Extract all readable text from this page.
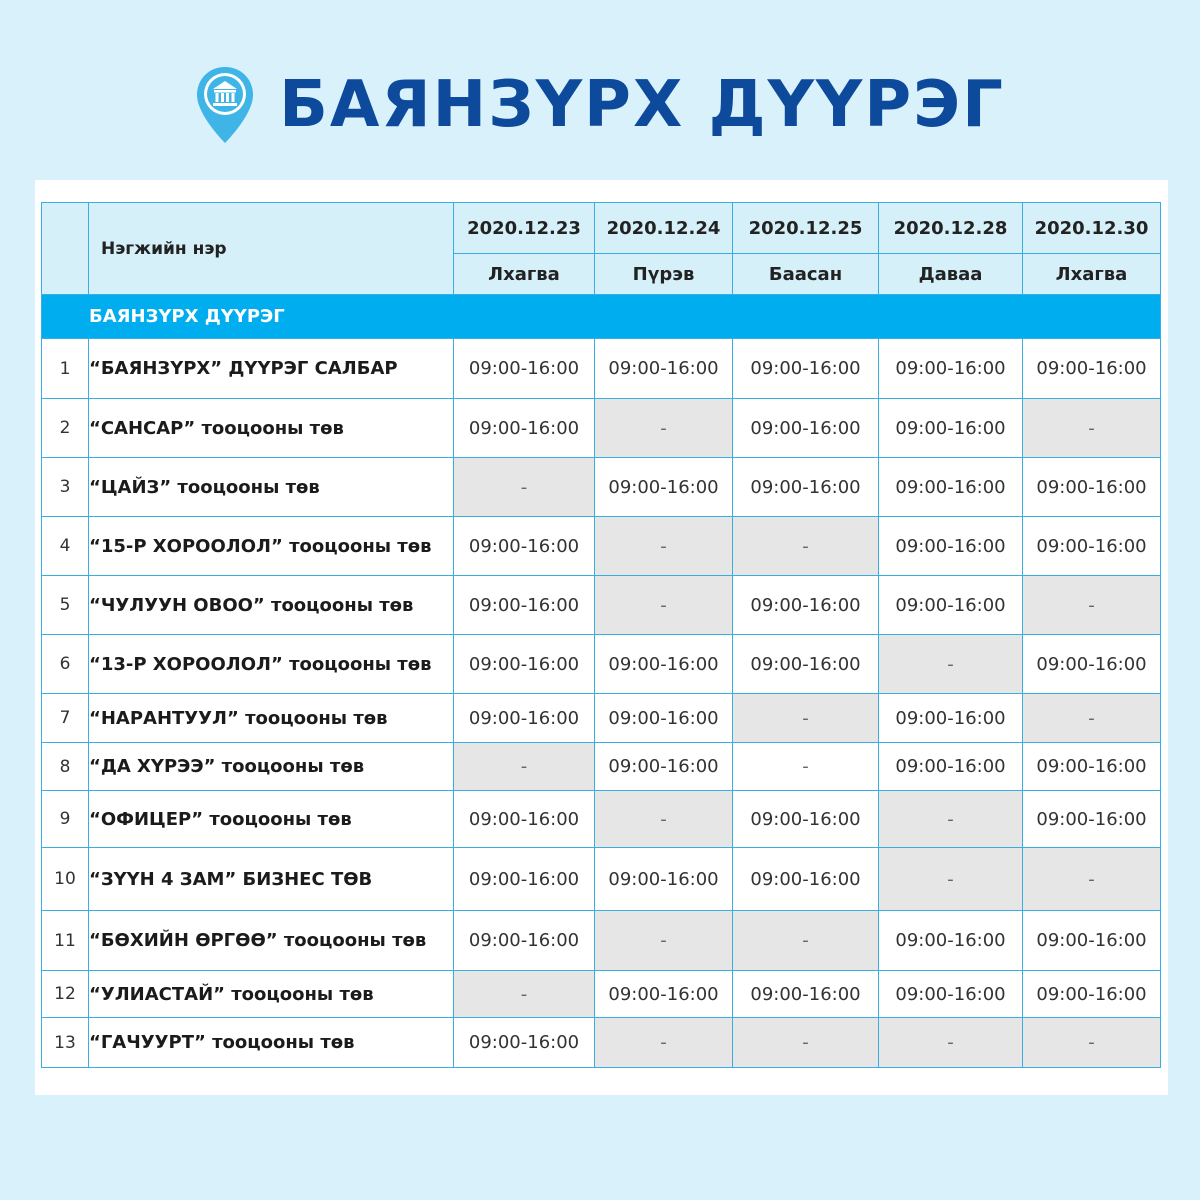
БАЯНЗҮРХ ДҮҮРЭГ
	Нэгжийн нэр	2020.12.23	2020.12.24	2020.12.25	2020.12.28	2020.12.30
		Лхагва	Пүрэв	Баасан	Даваа	Лхагва
БАЯНЗҮРХ ДҮҮРЭГ						
1	“БАЯНЗҮРХ” ДҮҮРЭГ САЛБАР	09:00-16:00	09:00-16:00	09:00-16:00	09:00-16:00	09:00-16:00
2	“САНСАР” тооцооны төв	09:00-16:00	-	09:00-16:00	09:00-16:00	-
3	“ЦАЙЗ” тооцооны төв	-	09:00-16:00	09:00-16:00	09:00-16:00	09:00-16:00
4	“15-Р ХОРООЛОЛ” тооцооны төв	09:00-16:00	-	-	09:00-16:00	09:00-16:00
5	“ЧУЛУУН ОВОО” тооцооны төв	09:00-16:00	-	09:00-16:00	09:00-16:00	-
6	“13-Р ХОРООЛОЛ” тооцооны төв	09:00-16:00	09:00-16:00	09:00-16:00	-	09:00-16:00
7	“НАРАНТУУЛ” тооцооны төв	09:00-16:00	09:00-16:00	-	09:00-16:00	-
8	“ДА ХҮРЭЭ” тооцооны төв	-	09:00-16:00	-	09:00-16:00	09:00-16:00
9	“ОФИЦЕР” тооцооны төв	09:00-16:00	-	09:00-16:00	-	09:00-16:00
10	“ЗҮҮН 4 ЗАМ” БИЗНЕС ТӨВ	09:00-16:00	09:00-16:00	09:00-16:00	-	-
11	“БӨХИЙН ӨРГӨӨ” тооцооны төв	09:00-16:00	-	-	09:00-16:00	09:00-16:00
12	“УЛИАСТАЙ” тооцооны төв	-	09:00-16:00	09:00-16:00	09:00-16:00	09:00-16:00
13	“ГАЧУУРТ” тооцооны төв	09:00-16:00	-	-	-	-
